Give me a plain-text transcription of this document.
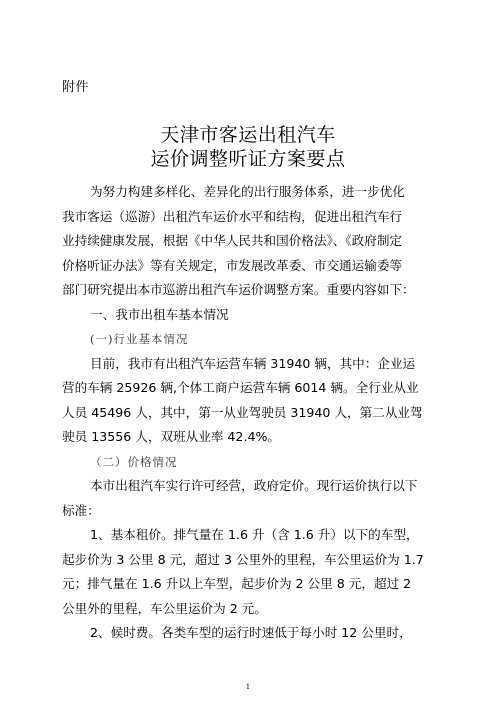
附件
天津市客运出租汽车
运价调整听证方案要点
为努力构建多样化、差异化的出行服务体系，进一步优化
我市客运（巡游）出租汽车运价水平和结构，促进出租汽车行
业持续健康发展，根据《中华人民共和国价格法》、《政府制定
价格听证办法》等有关规定，市发展改革委、市交通运输委等
部门研究提出本市巡游出租汽车运价调整方案。重要内容如下：
一、我市出租车基本情况
(一)行业基本情况
目前，我市有出租汽车运营车辆 31940 辆，其中：企业运
营的车辆 25926 辆,个体工商户运营车辆 6014 辆。全行业从业
人员 45496 人，其中，第一从业驾驶员 31940 人，第二从业驾
驶员 13556 人，双班从业率 42.4%。
（二）价格情况
本市出租汽车实行许可经营，政府定价。现行运价执行以下
标准：
1、基本租价。排气量在 1.6 升（含 1.6 升）以下的车型，
起步价为 3 公里 8 元，超过 3 公里外的里程，车公里运价为 1.7
元；排气量在 1.6 升以上车型，起步价为 2 公里 8 元，超过 2
公里外的里程，车公里运价为 2 元。
2、候时费。各类车型的运行时速低于每小时 12 公里时，
1
